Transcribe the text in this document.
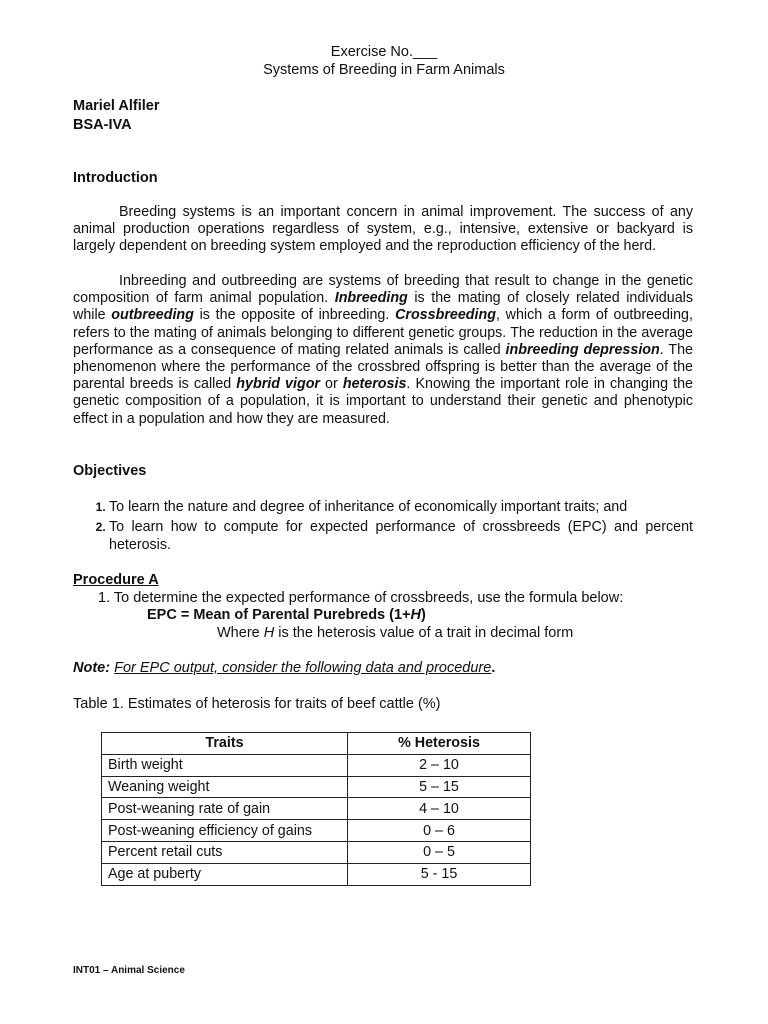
Exercise No.___
Systems of Breeding in Farm Animals
Mariel Alfiler
BSA-IVA
Introduction
Breeding systems is an important concern in animal improvement. The success of any animal production operations regardless of system, e.g., intensive, extensive or backyard is largely dependent on breeding system employed and the reproduction efficiency of the herd.
Inbreeding and outbreeding are systems of breeding that result to change in the genetic composition of farm animal population. Inbreeding is the mating of closely related individuals while outbreeding is the opposite of inbreeding. Crossbreeding, which a form of outbreeding, refers to the mating of animals belonging to different genetic groups. The reduction in the average performance as a consequence of mating related animals is called inbreeding depression. The phenomenon where the performance of the crossbred offspring is better than the average of the parental breeds is called hybrid vigor or heterosis. Knowing the important role in changing the genetic composition of a population, it is important to understand their genetic and phenotypic effect in a population and how they are measured.
Objectives
1. To learn the nature and degree of inheritance of economically important traits; and
2. To learn how to compute for expected performance of crossbreeds (EPC) and percent heterosis.
Procedure A
1. To determine the expected performance of crossbreeds, use the formula below:
EPC = Mean of Parental Purebreds (1+H)
Where H is the heterosis value of a trait in decimal form
Note: For EPC output, consider the following data and procedure.
Table 1. Estimates of heterosis for traits of beef cattle (%)
Traits	% Heterosis
Birth weight	2 – 10
Weaning weight	5 – 15
Post-weaning rate of gain	4 – 10
Post-weaning efficiency of gains	0 – 6
Percent retail cuts	0 – 5
Age at puberty	5 - 15
INT01 – Animal Science
